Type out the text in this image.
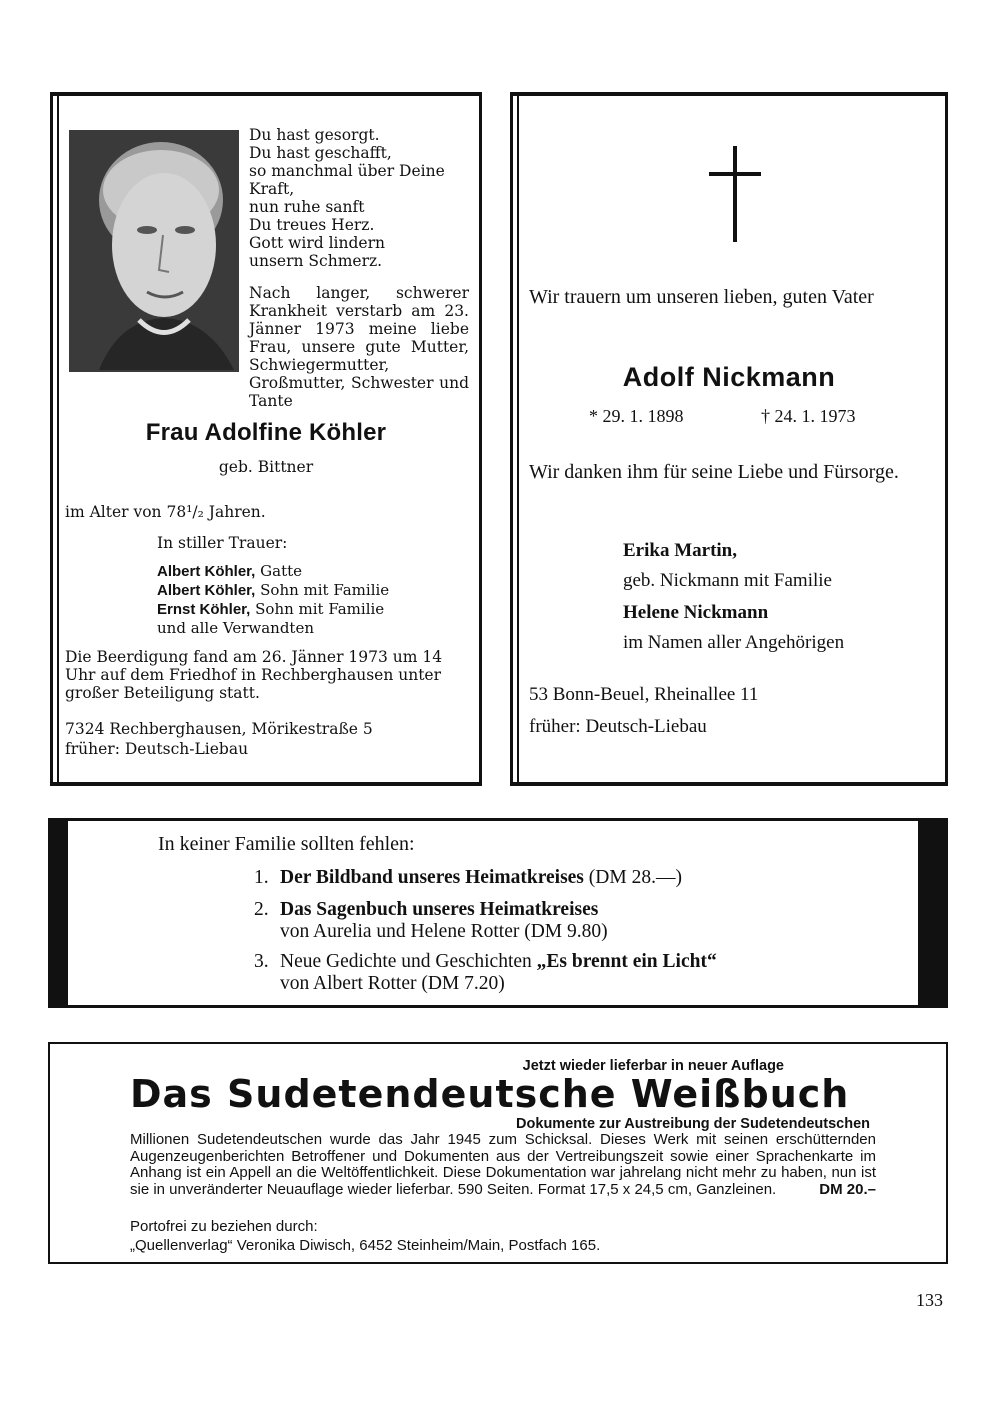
Du hast gesorgt.
Du hast geschafft,
so manchmal über Deine
Kraft,
nun ruhe sanft
Du treues Herz.
Gott wird lindern
unsern Schmerz.
Nach langer, schwerer Krankheit verstarb am 23. Jänner 1973 meine liebe Frau, unsere gute Mutter, Schwiegermutter, Großmutter, Schwester und Tante
Frau Adolfine Köhler
geb. Bittner
im Alter von 78¹/₂ Jahren.
In stiller Trauer:
Albert Köhler, Gatte
Albert Köhler, Sohn mit Familie
Ernst Köhler, Sohn mit Familie
und alle Verwandten
Die Beerdigung fand am 26. Jänner 1973 um 14 Uhr auf dem Friedhof in Rechberghausen unter großer Beteiligung statt.
7324 Rechberghausen, Mörikestraße 5
früher: Deutsch-Liebau
Wir trauern um unseren lieben, guten Vater
Adolf Nickmann
* 29. 1. 1898	† 24. 1. 1973
Wir danken ihm für seine Liebe und Fürsorge.
Erika Martin,
geb. Nickmann mit Familie
Helene Nickmann
im Namen aller Angehörigen
53 Bonn-Beuel, Rheinallee 11
früher: Deutsch-Liebau
In keiner Familie sollten fehlen:
1. Der Bildband unseres Heimatkreises (DM 28.—)
2. Das Sagenbuch unseres Heimatkreises
von Aurelia und Helene Rotter (DM 9.80)
3. Neue Gedichte und Geschichten „Es brennt ein Licht“
von Albert Rotter (DM 7.20)
Jetzt wieder lieferbar in neuer Auflage
Das Sudetendeutsche Weißbuch
Dokumente zur Austreibung der Sudetendeutschen
Millionen Sudetendeutschen wurde das Jahr 1945 zum Schicksal. Dieses Werk mit seinen erschütternden Augenzeugenberichten Betroffener und Dokumenten aus der Vertreibungszeit sowie einer Sprachenkarte im Anhang ist ein Appell an die Weltöffentlichkeit. Diese Dokumentation war jahrelang nicht mehr zu haben, nun ist sie in unveränderter Neuauflage wieder lieferbar. 590 Seiten. Format 17,5 x 24,5 cm, Ganzleinen.	DM 20.–
Portofrei zu beziehen durch:
„Quellenverlag“ Veronika Diwisch, 6452 Steinheim/Main, Postfach 165.
133
